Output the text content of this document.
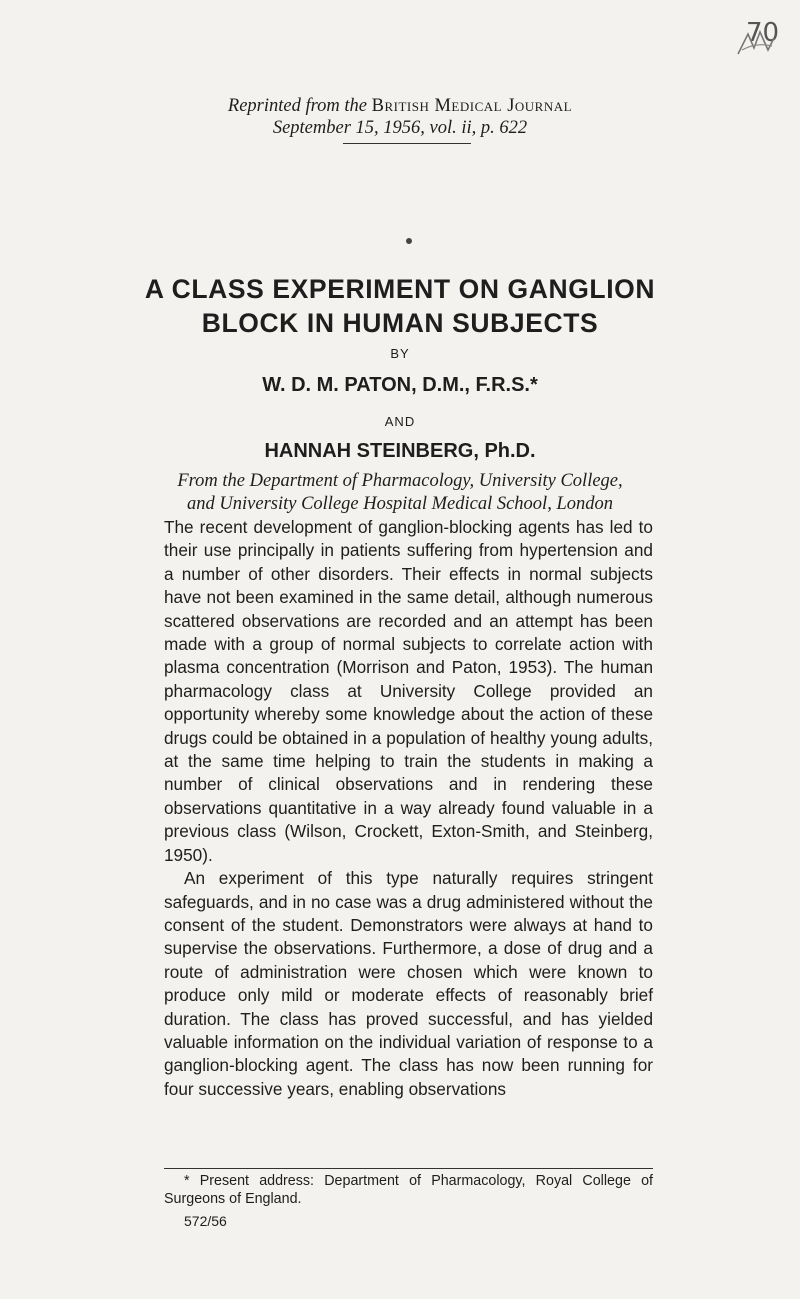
70
Reprinted from the British Medical Journal
September 15, 1956, vol. ii, p. 622
A CLASS EXPERIMENT ON GANGLION
BLOCK IN HUMAN SUBJECTS
BY
W. D. M. PATON, D.M., F.R.S.*
AND
HANNAH STEINBERG, Ph.D.
From the Department of Pharmacology, University College,
and University College Hospital Medical School, London

The recent development of ganglion-blocking agents has led to their use principally in patients suffering from hypertension and a number of other disorders. Their effects in normal subjects have not been examined in the same detail, although numerous scattered observations are recorded and an attempt has been made with a group of normal subjects to correlate action with plasma concentration (Morrison and Paton, 1953). The human pharmacology class at University College provided an opportunity whereby some knowledge about the action of these drugs could be obtained in a population of healthy young adults, at the same time helping to train the students in making a number of clinical observations and in rendering these observations quantitative in a way already found valuable in a previous class (Wilson, Crockett, Exton-Smith, and Steinberg, 1950).

An experiment of this type naturally requires stringent safeguards, and in no case was a drug administered without the consent of the student. Demonstrators were always at hand to supervise the observations. Furthermore, a dose of drug and a route of administration were chosen which were known to produce only mild or moderate effects of reasonably brief duration. The class has proved successful, and has yielded valuable information on the individual variation of response to a ganglion-blocking agent. The class has now been running for four successive years, enabling observations

* Present address: Department of Pharmacology, Royal College of Surgeons of England.
572/56
